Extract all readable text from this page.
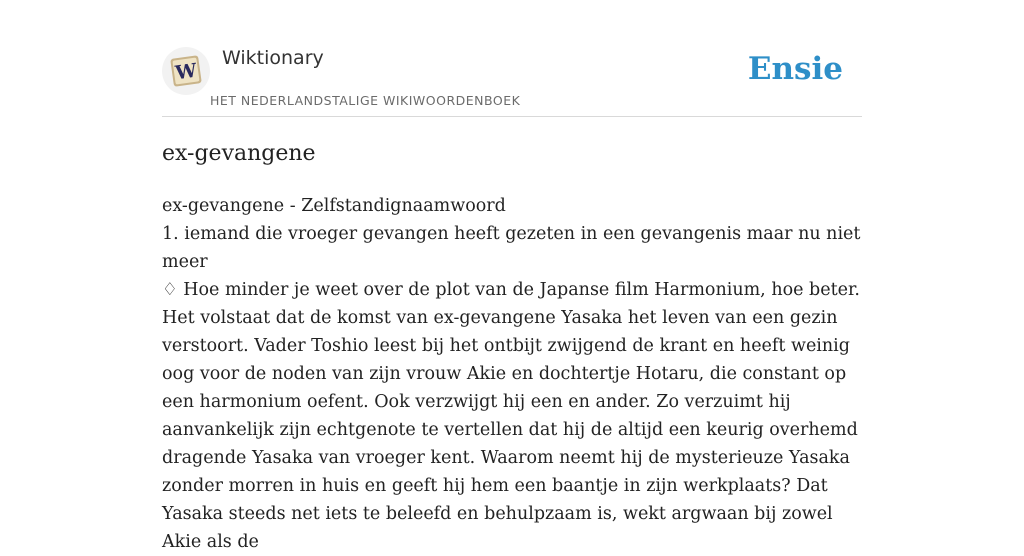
W
Wiktionary
HET NEDERLANDSTALIGE WIKIWOORDENBOEK
Ensie
ex-gevangene

ex-gevangene - Zelfstandignaamwoord

1. iemand die vroeger gevangen heeft gezeten in een gevangenis maar nu niet meer

♢ Hoe minder je weet over de plot van de Japanse film Harmonium, hoe beter. Het volstaat dat de komst van ex-gevangene Yasaka het leven van een gezin verstoort. Vader Toshio leest bij het ontbijt zwijgend de krant en heeft weinig oog voor de noden van zijn vrouw Akie en dochtertje Hotaru, die constant op een harmonium oefent. Ook verzwijgt hij een en ander. Zo verzuimt hij aanvankelijk zijn echtgenote te vertellen dat hij de altijd een keurig overhemd dragende Yasaka van vroeger kent. Waarom neemt hij de mysterieuze Yasaka zonder morren in huis en geeft hij hem een baantje in zijn werkplaats? Dat Yasaka steeds net iets te beleefd en behulpzaam is, wekt argwaan bij zowel Akie als de
